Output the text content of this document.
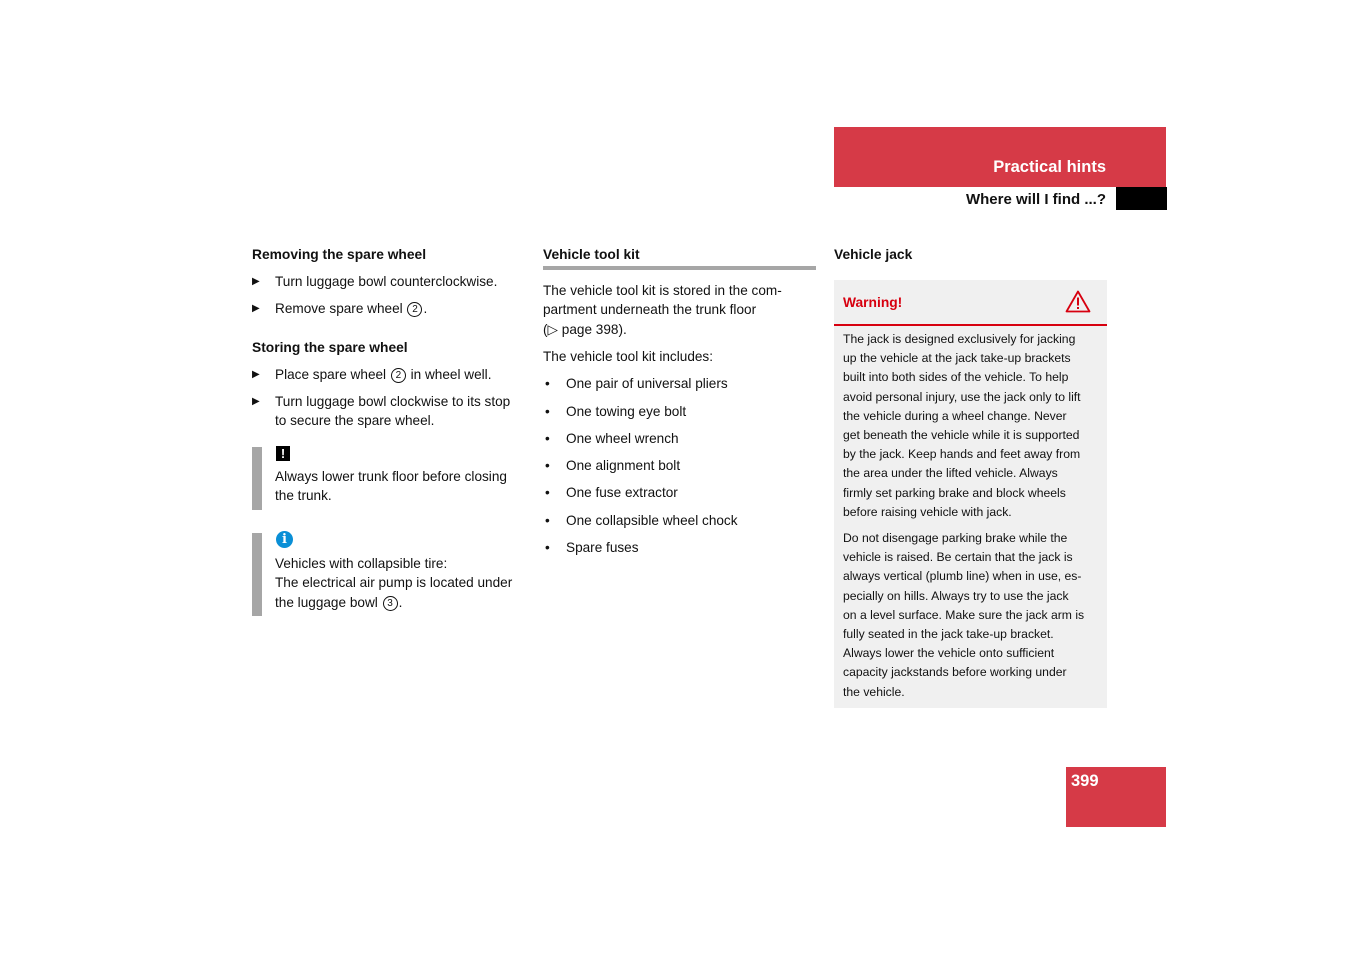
Practical hints
Where will I find ...?
Removing the spare wheel
▶ Turn luggage bowl counterclockwise.
▶ Remove spare wheel 2 .
Storing the spare wheel
▶ Place spare wheel 2 in wheel well.
▶ Turn luggage bowl clockwise to its stop
to secure the spare wheel.
!
Always lower trunk floor before closing
the trunk.
i
Vehicles with collapsible tire:
The electrical air pump is located under
the luggage bowl 3 .
Vehicle tool kit
The vehicle tool kit is stored in the com-
partment underneath the trunk floor
(▷ page 398).
The vehicle tool kit includes:
• One pair of universal pliers
• One towing eye bolt
• One wheel wrench
• One alignment bolt
• One fuse extractor
• One collapsible wheel chock
• Spare fuses
Vehicle jack
Warning!
The jack is designed exclusively for jacking
up the vehicle at the jack take-up brackets
built into both sides of the vehicle. To help
avoid personal injury, use the jack only to lift
the vehicle during a wheel change. Never
get beneath the vehicle while it is supported
by the jack. Keep hands and feet away from
the area under the lifted vehicle. Always
firmly set parking brake and block wheels
before raising vehicle with jack.
Do not disengage parking brake while the
vehicle is raised. Be certain that the jack is
always vertical (plumb line) when in use, es-
pecially on hills. Always try to use the jack
on a level surface. Make sure the jack arm is
fully seated in the jack take-up bracket.
Always lower the vehicle onto sufficient
capacity jackstands before working under
the vehicle.
399
